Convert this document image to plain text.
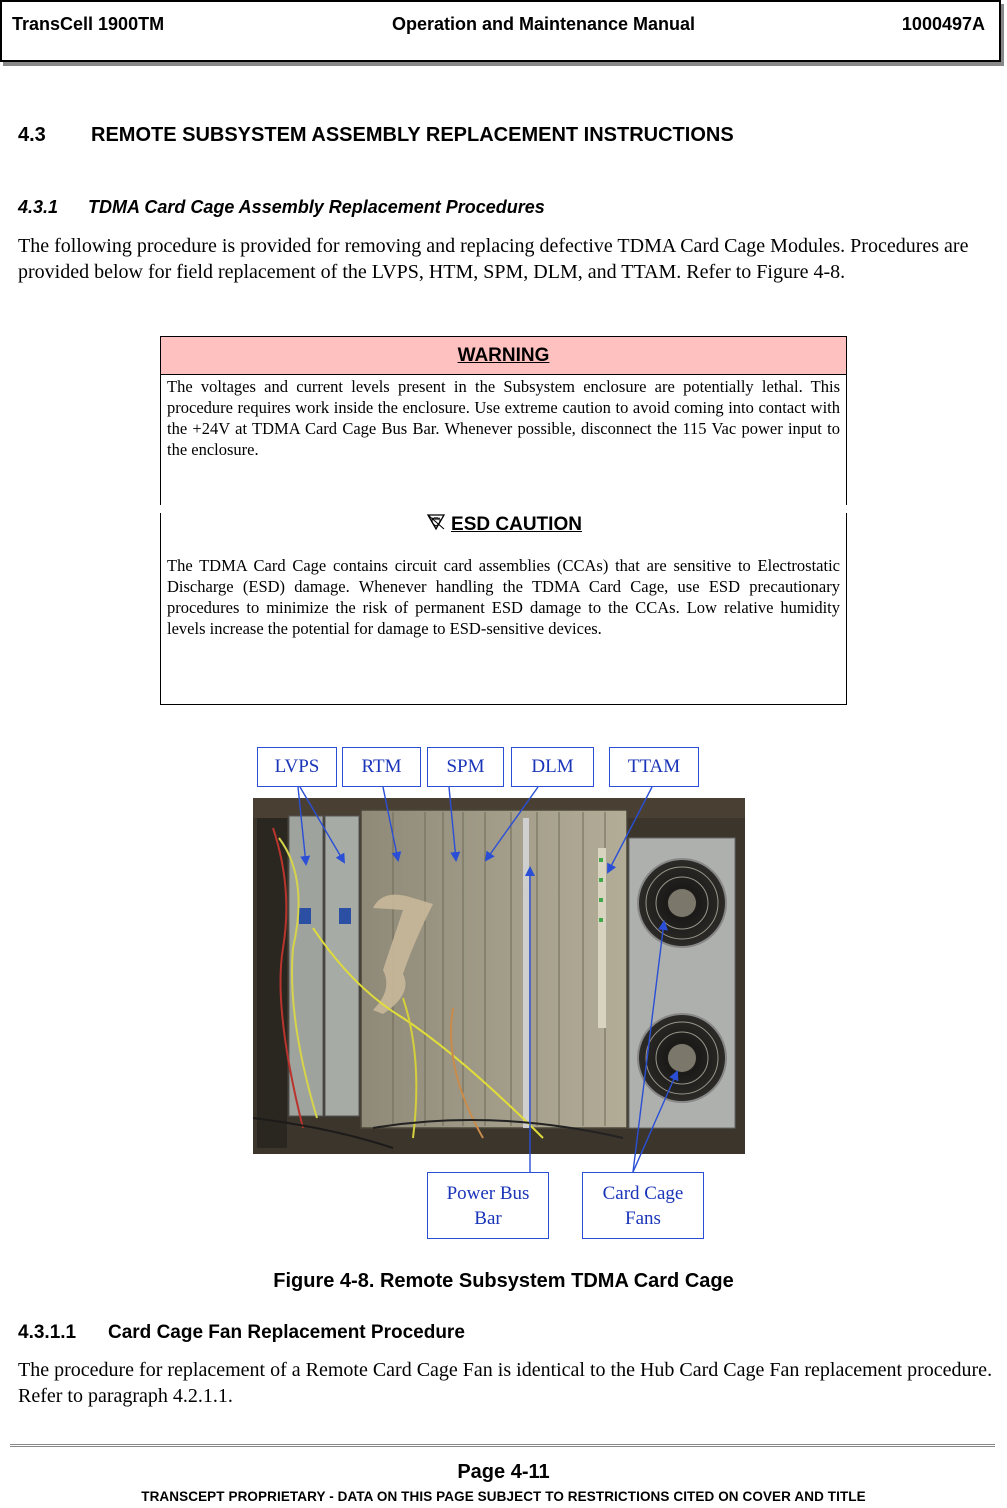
TransCell 1900TM	Operation and Maintenance Manual	1000497A
4.3 REMOTE SUBSYSTEM ASSEMBLY REPLACEMENT INSTRUCTIONS
4.3.1 TDMA Card Cage Assembly Replacement Procedures
The following procedure is provided for removing and replacing defective TDMA Card Cage Modules. Procedures are provided below for field replacement of the LVPS, HTM, SPM, DLM, and TTAM. Refer to Figure 4-8.
WARNING
The voltages and current levels present in the Subsystem enclosure are potentially lethal. This procedure requires work inside the enclosure. Use extreme caution to avoid coming into contact with the +24V at TDMA Card Cage Bus Bar. Whenever possible, disconnect the 115 Vac power input to the enclosure.
ESD CAUTION
The TDMA Card Cage contains circuit card assemblies (CCAs) that are sensitive to Electrostatic Discharge (ESD) damage. Whenever handling the TDMA Card Cage, use ESD precautionary procedures to minimize the risk of permanent ESD damage to the CCAs. Low relative humidity levels increase the potential for damage to ESD-sensitive devices.
LVPS	RTM	SPM	DLM	TTAM
Power Bus
Bar
Card Cage
Fans
Figure 4-8. Remote Subsystem TDMA Card Cage
4.3.1.1 Card Cage Fan Replacement Procedure
The procedure for replacement of a Remote Card Cage Fan is identical to the Hub Card Cage Fan replacement procedure. Refer to paragraph 4.2.1.1.
Page 4-11
TRANSCEPT PROPRIETARY - DATA ON THIS PAGE SUBJECT TO RESTRICTIONS CITED ON COVER AND TITLE
